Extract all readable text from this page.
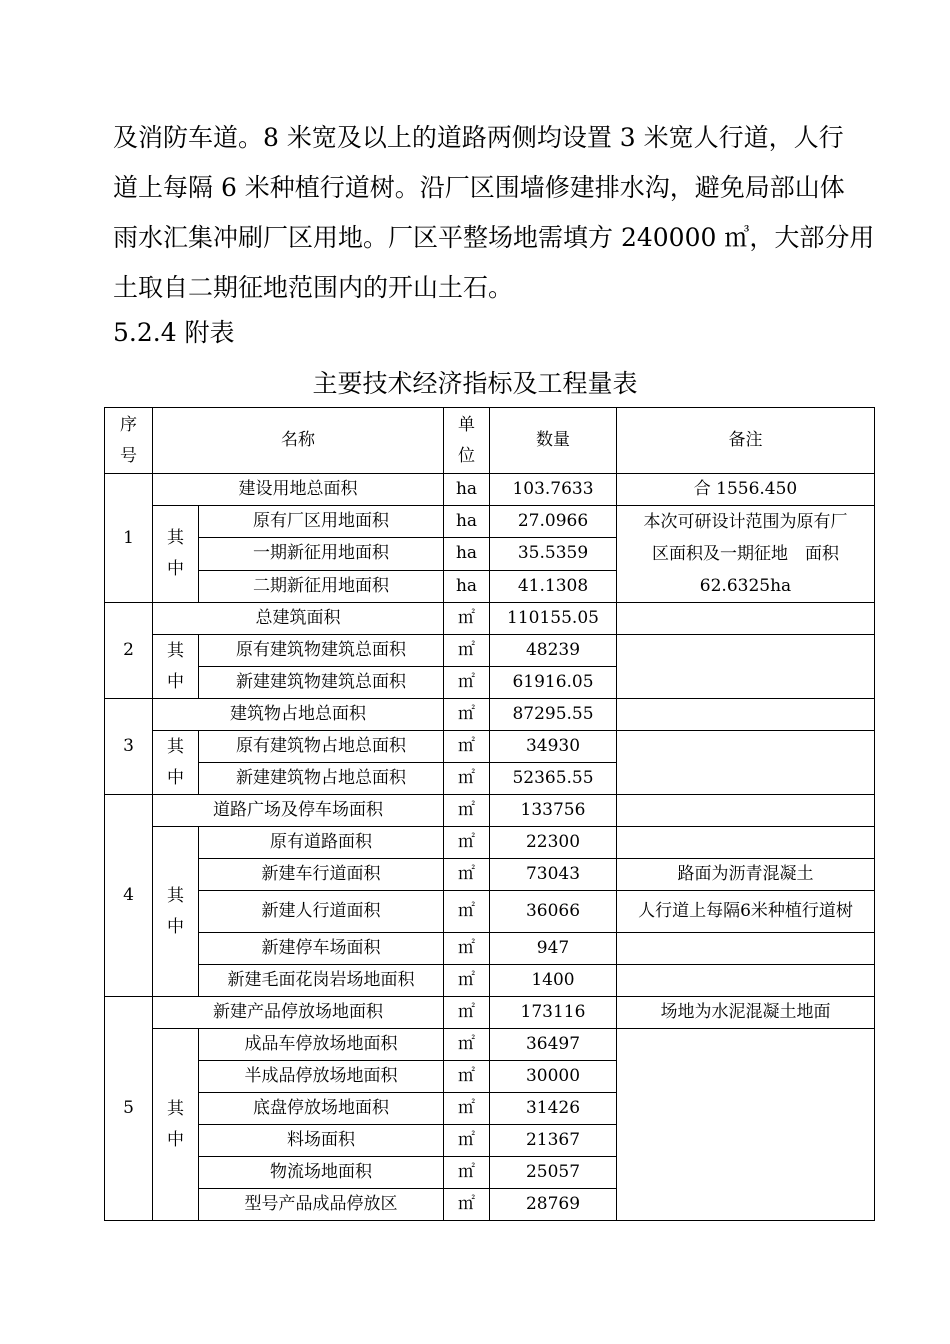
及消防车道。8 米宽及以上的道路两侧均设置 3 米宽人行道，人行

道上每隔 6 米种植行道树。沿厂区围墙修建排水沟，避免局部山体

雨水汇集冲刷厂区用地。厂区平整场地需填方 240000 ㎥，大部分用

土取自二期征地范围内的开山土石。

5.2.4 附表
主要技术经济指标及工程量表
序
号	名称		单
位	数量	备注
1	建设用地总面积		ha	103.7633	合 1556.450
	其
中	原有厂区用地面积	ha	27.0966	本次可研设计范围为原有厂
区面积及一期征地　面积
62.6325ha
		一期新征用地面积	ha	35.5359	
		二期新征用地面积	ha	41.1308	
2	总建筑面积		㎡	110155.05	
	其
中	原有建筑物建筑总面积	㎡	48239	
		新建建筑物建筑总面积	㎡	61916.05	
3	建筑物占地总面积		㎡	87295.55	
	其
中	原有建筑物占地总面积	㎡	34930	
		新建建筑物占地总面积	㎡	52365.55	
4	道路广场及停车场面积		㎡	133756	
	其
中	原有道路面积	㎡	22300	
		新建车行道面积	㎡	73043	路面为沥青混凝土
		新建人行道面积	㎡	36066	人行道上每隔6米种植行道树
		新建停车场面积	㎡	947	
		新建毛面花岗岩场地面积	㎡	1400	
5	新建产品停放场地面积		㎡	173116	场地为水泥混凝土地面
	其
中	成品车停放场地面积	㎡	36497	
		半成品停放场地面积	㎡	30000	
		底盘停放场地面积	㎡	31426	
		料场面积	㎡	21367	
		物流场地面积	㎡	25057	
		型号产品成品停放区	㎡	28769	
